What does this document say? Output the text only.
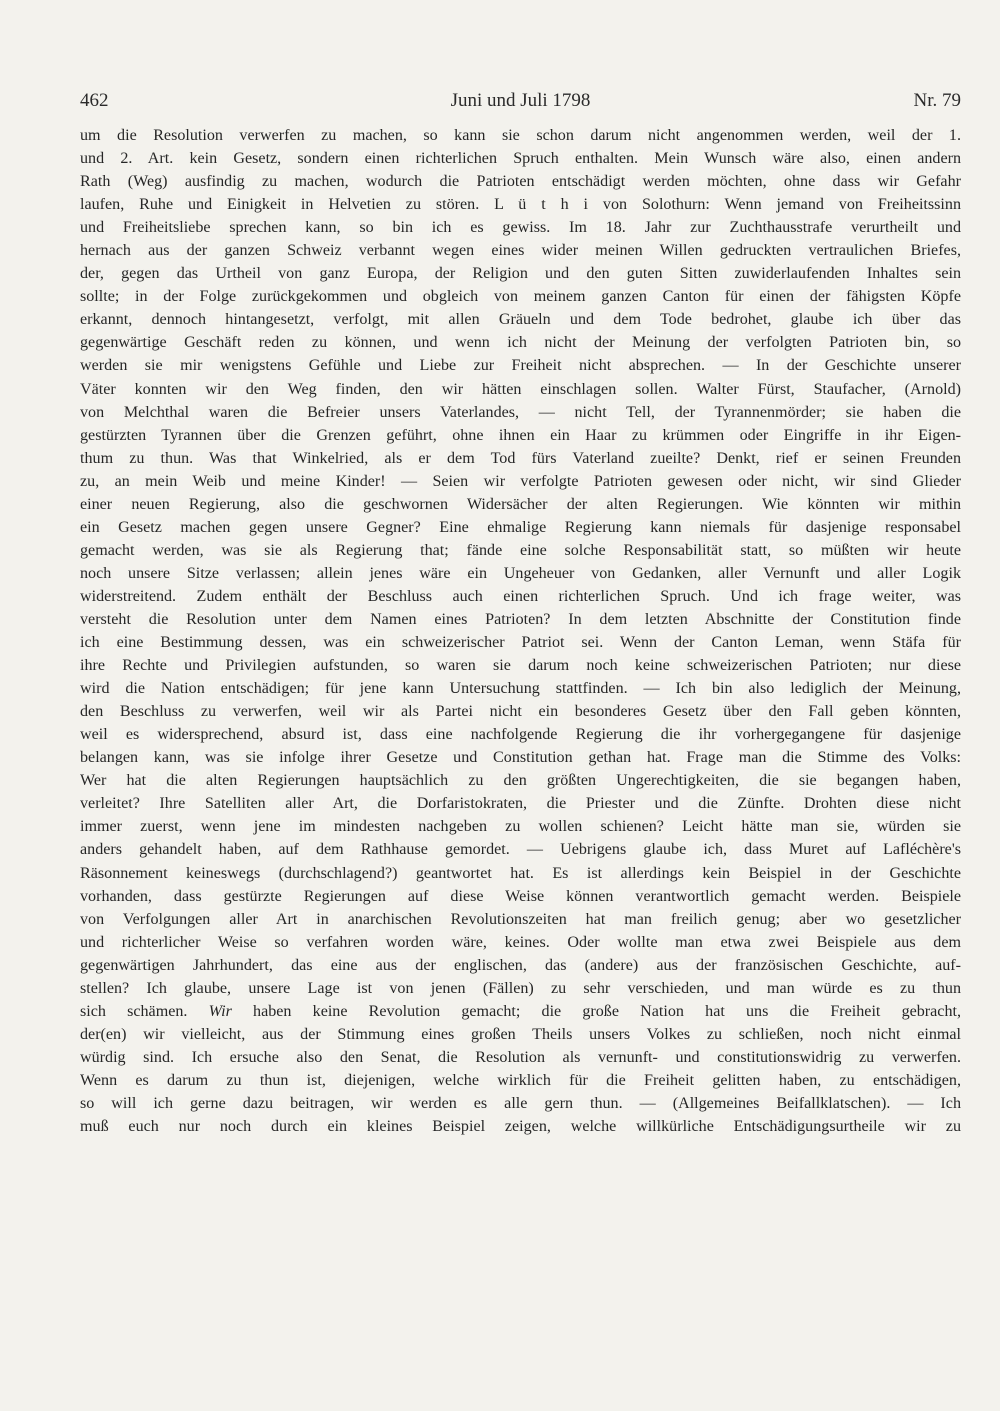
462	Juni und Juli 1798	Nr. 79
um die Resolution verwerfen zu machen, so kann sie schon darum nicht angenommen werden, weil der 1.
und 2. Art. kein Gesetz, sondern einen richterlichen Spruch enthalten. Mein Wunsch wäre also, einen andern
Rath (Weg) ausfindig zu machen, wodurch die Patrioten entschädigt werden möchten, ohne dass wir Gefahr
laufen, Ruhe und Einigkeit in Helvetien zu stören. L ü t h i von Solothurn: Wenn jemand von Freiheitssinn
und Freiheitsliebe sprechen kann, so bin ich es gewiss. Im 18. Jahr zur Zuchthausstrafe verurtheilt und
hernach aus der ganzen Schweiz verbannt wegen eines wider meinen Willen gedruckten vertraulichen Briefes,
der, gegen das Urtheil von ganz Europa, der Religion und den guten Sitten zuwiderlaufenden Inhaltes sein
sollte; in der Folge zurückgekommen und obgleich von meinem ganzen Canton für einen der fähigsten Köpfe
erkannt, dennoch hintangesetzt, verfolgt, mit allen Gräueln und dem Tode bedrohet, glaube ich über das
gegenwärtige Geschäft reden zu können, und wenn ich nicht der Meinung der verfolgten Patrioten bin, so
werden sie mir wenigstens Gefühle und Liebe zur Freiheit nicht absprechen. — In der Geschichte unserer
Väter konnten wir den Weg finden, den wir hätten einschlagen sollen. Walter Fürst, Staufacher, (Arnold)
von Melchthal waren die Befreier unsers Vaterlandes, — nicht Tell, der Tyrannenmörder; sie haben die
gestürzten Tyrannen über die Grenzen geführt, ohne ihnen ein Haar zu krümmen oder Eingriffe in ihr Eigen-
thum zu thun. Was that Winkelried, als er dem Tod fürs Vaterland zueilte? Denkt, rief er seinen Freunden
zu, an mein Weib und meine Kinder! — Seien wir verfolgte Patrioten gewesen oder nicht, wir sind Glieder
einer neuen Regierung, also die geschwornen Widersächer der alten Regierungen. Wie könnten wir mithin
ein Gesetz machen gegen unsere Gegner? Eine ehmalige Regierung kann niemals für dasjenige responsabel
gemacht werden, was sie als Regierung that; fände eine solche Responsabilität statt, so müßten wir heute
noch unsere Sitze verlassen; allein jenes wäre ein Ungeheuer von Gedanken, aller Vernunft und aller Logik
widerstreitend. Zudem enthält der Beschluss auch einen richterlichen Spruch. Und ich frage weiter, was
versteht die Resolution unter dem Namen eines Patrioten? In dem letzten Abschnitte der Constitution finde
ich eine Bestimmung dessen, was ein schweizerischer Patriot sei. Wenn der Canton Leman, wenn Stäfa für
ihre Rechte und Privilegien aufstunden, so waren sie darum noch keine schweizerischen Patrioten; nur diese
wird die Nation entschädigen; für jene kann Untersuchung stattfinden. — Ich bin also lediglich der Meinung,
den Beschluss zu verwerfen, weil wir als Partei nicht ein besonderes Gesetz über den Fall geben könnten,
weil es widersprechend, absurd ist, dass eine nachfolgende Regierung die ihr vorhergegangene für dasjenige
belangen kann, was sie infolge ihrer Gesetze und Constitution gethan hat. Frage man die Stimme des Volks:
Wer hat die alten Regierungen hauptsächlich zu den größten Ungerechtigkeiten, die sie begangen haben,
verleitet? Ihre Satelliten aller Art, die Dorfaristokraten, die Priester und die Zünfte. Drohten diese nicht
immer zuerst, wenn jene im mindesten nachgeben zu wollen schienen? Leicht hätte man sie, würden sie
anders gehandelt haben, auf dem Rathhause gemordet. — Uebrigens glaube ich, dass Muret auf Lafléchère's
Räsonnement keineswegs (durchschlagend?) geantwortet hat. Es ist allerdings kein Beispiel in der Geschichte
vorhanden, dass gestürzte Regierungen auf diese Weise können verantwortlich gemacht werden. Beispiele
von Verfolgungen aller Art in anarchischen Revolutionszeiten hat man freilich genug; aber wo gesetzlicher
und richterlicher Weise so verfahren worden wäre, keines. Oder wollte man etwa zwei Beispiele aus dem
gegenwärtigen Jahrhundert, das eine aus der englischen, das (andere) aus der französischen Geschichte, auf-
stellen? Ich glaube, unsere Lage ist von jenen (Fällen) zu sehr verschieden, und man würde es zu thun
sich schämen. Wir haben keine Revolution gemacht; die große Nation hat uns die Freiheit gebracht,
der(en) wir vielleicht, aus der Stimmung eines großen Theils unsers Volkes zu schließen, noch nicht einmal
würdig sind. Ich ersuche also den Senat, die Resolution als vernunft- und constitutionswidrig zu verwerfen.
Wenn es darum zu thun ist, diejenigen, welche wirklich für die Freiheit gelitten haben, zu entschädigen,
so will ich gerne dazu beitragen, wir werden es alle gern thun. — (Allgemeines Beifallklatschen). — Ich
muß euch nur noch durch ein kleines Beispiel zeigen, welche willkürliche Entschädigungsurtheile wir zu
